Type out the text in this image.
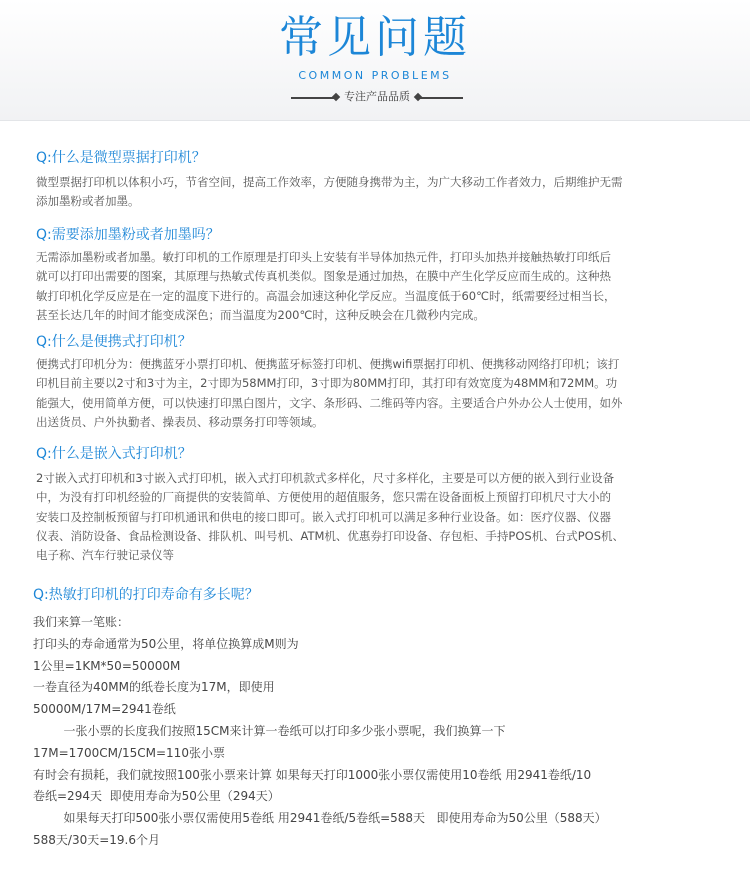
常见问题
COMMON PROBLEMS
专注产品品质
Q:什么是微型票据打印机？
微型票据打印机以体积小巧，节省空间，提高工作效率，方便随身携带为主，为广大移动工作者效力，后期维护无需
添加墨粉或者加墨。
Q:需要添加墨粉或者加墨吗？
无需添加墨粉或者加墨。敏打印机的工作原理是打印头上安装有半导体加热元件，打印头加热并接触热敏打印纸后
就可以打印出需要的图案，其原理与热敏式传真机类似。图象是通过加热，在膜中产生化学反应而生成的。这种热
敏打印机化学反应是在一定的温度下进行的。高温会加速这种化学反应。当温度低于60℃时，纸需要经过相当长，
甚至长达几年的时间才能变成深色；而当温度为200℃时，这种反映会在几微秒内完成。
Q:什么是便携式打印机？
便携式打印机分为：便携蓝牙小票打印机、便携蓝牙标签打印机、便携wifi票据打印机、便携移动网络打印机；该打
印机目前主要以2寸和3寸为主，2寸即为58MM打印，3寸即为80MM打印，其打印有效宽度为48MM和72MM。功
能强大，使用简单方便，可以快速打印黑白图片，文字、条形码、二维码等内容。主要适合户外办公人士使用，如外
出送货员、户外执勤者、操表员、移动票务打印等领域。
Q:什么是嵌入式打印机？
2寸嵌入式打印机和3寸嵌入式打印机，嵌入式打印机款式多样化，尺寸多样化，主要是可以方便的嵌入到行业设备
中，为没有打印机经验的厂商提供的安装简单、方便使用的超值服务，您只需在设备面板上预留打印机尺寸大小的
安装口及控制板预留与打印机通讯和供电的接口即可。嵌入式打印机可以满足多种行业设备。如：医疗仪器、仪器
仪表、消防设备、食品检测设备、排队机、叫号机、ATM机、优惠券打印设备、存包柜、手持POS机、台式POS机、
电子称、汽车行驶记录仪等
Q:热敏打印机的打印寿命有多长呢？
我们来算一笔账：
打印头的寿命通常为50公里，将单位换算成M则为
1公里=1KM*50=50000M
一卷直径为40MM的纸卷长度为17M，即使用
50000M/17M=2941卷纸
一张小票的长度我们按照15CM来计算一卷纸可以打印多少张小票呢，我们换算一下
17M=1700CM/15CM=110张小票
有时会有损耗，我们就按照100张小票来计算 如果每天打印1000张小票仅需使用10卷纸 用2941卷纸/10
卷纸=294天  即使用寿命为50公里（294天）
如果每天打印500张小票仅需使用5卷纸 用2941卷纸/5卷纸=588天   即使用寿命为50公里（588天）
588天/30天=19.6个月
